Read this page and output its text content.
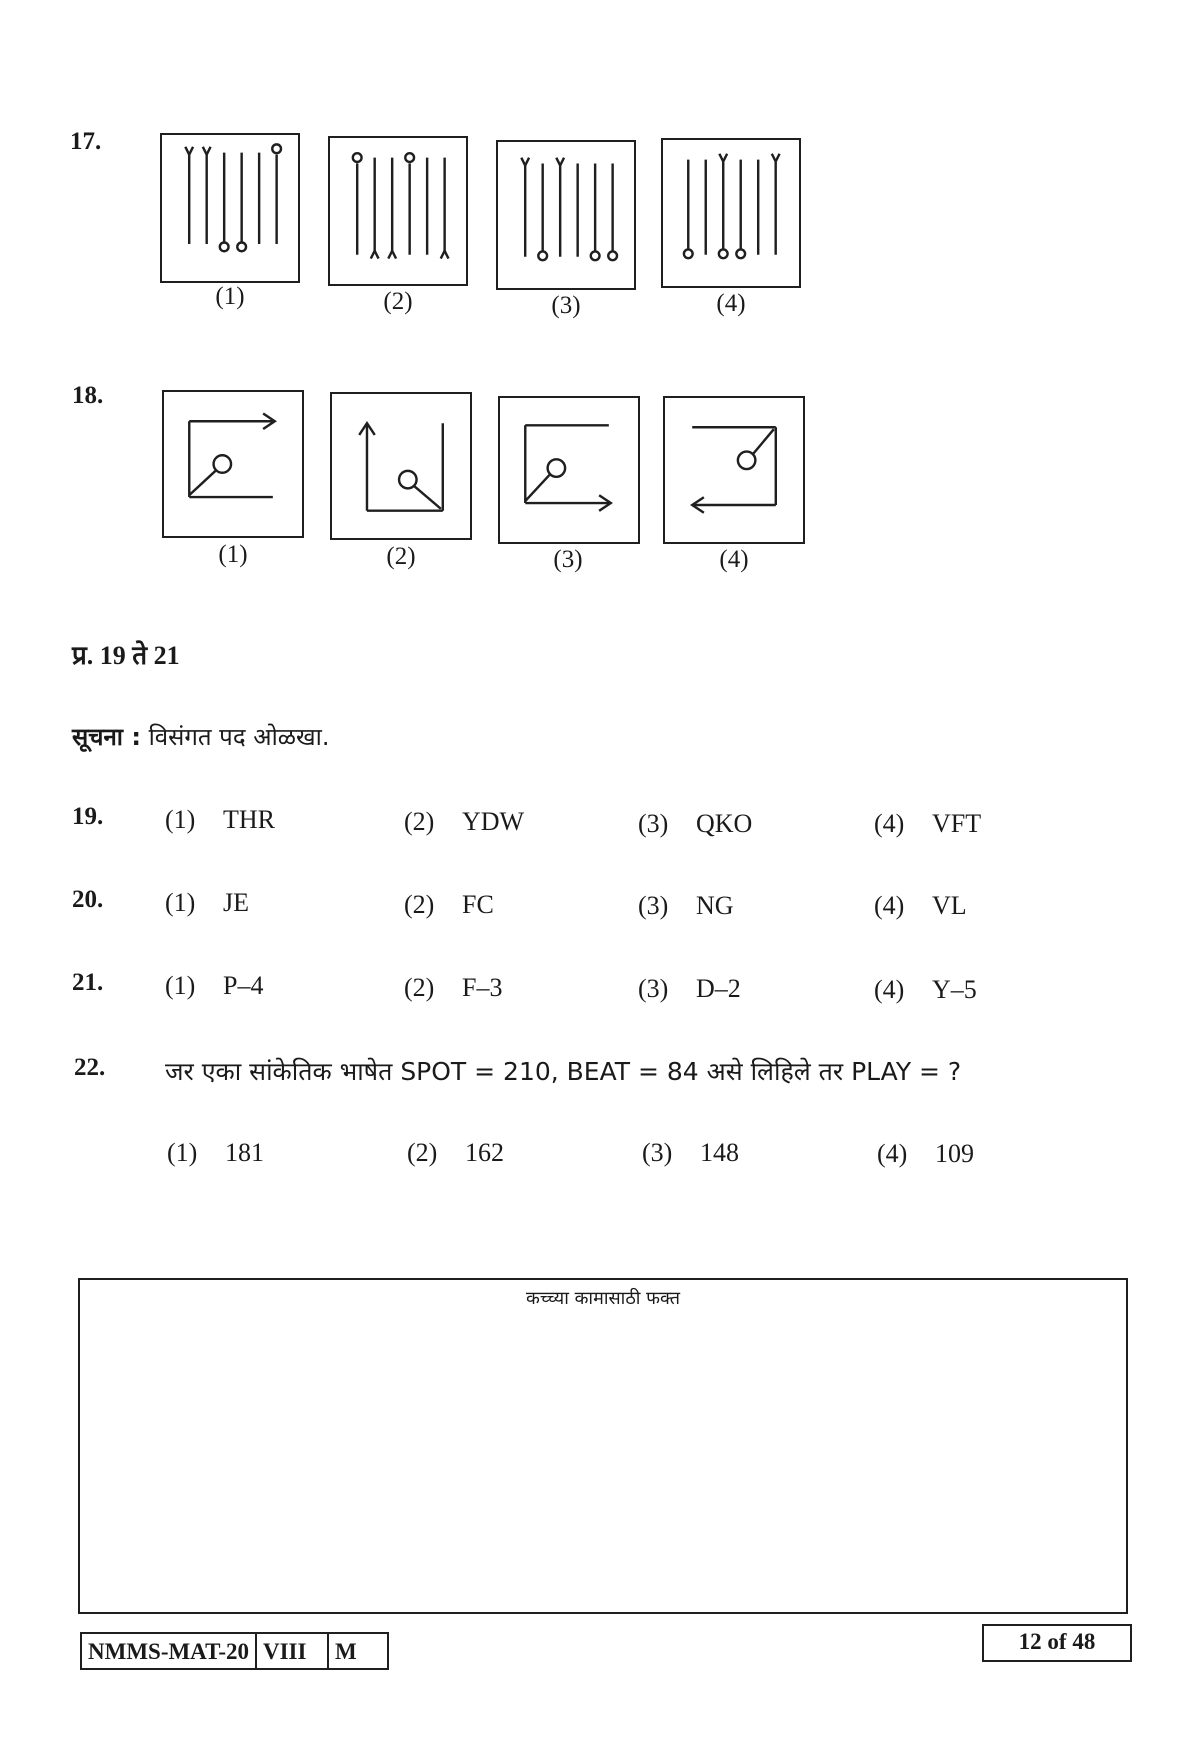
17.
(1)	(2)	(3)	(4)
18.
(1)	(2)	(3)	(4)
प्र. 19 ते 21
सूचना : विसंगत पद ओळखा.
19. (1) THR	(2) YDW	(3) QKO	(4) VFT
20. (1) JE	(2) FC	(3) NG	(4) VL
21. (1) P–4	(2) F–3	(3) D–2	(4) Y–5
22. जर एका सांकेतिक भाषेत SPOT = 210, BEAT = 84 असे लिहिले तर PLAY = ?
(1) 181	(2) 162	(3) 148	(4) 109
कच्च्या कामासाठी फक्त
NMMS-MAT-20 VIII	M	12 of 48
